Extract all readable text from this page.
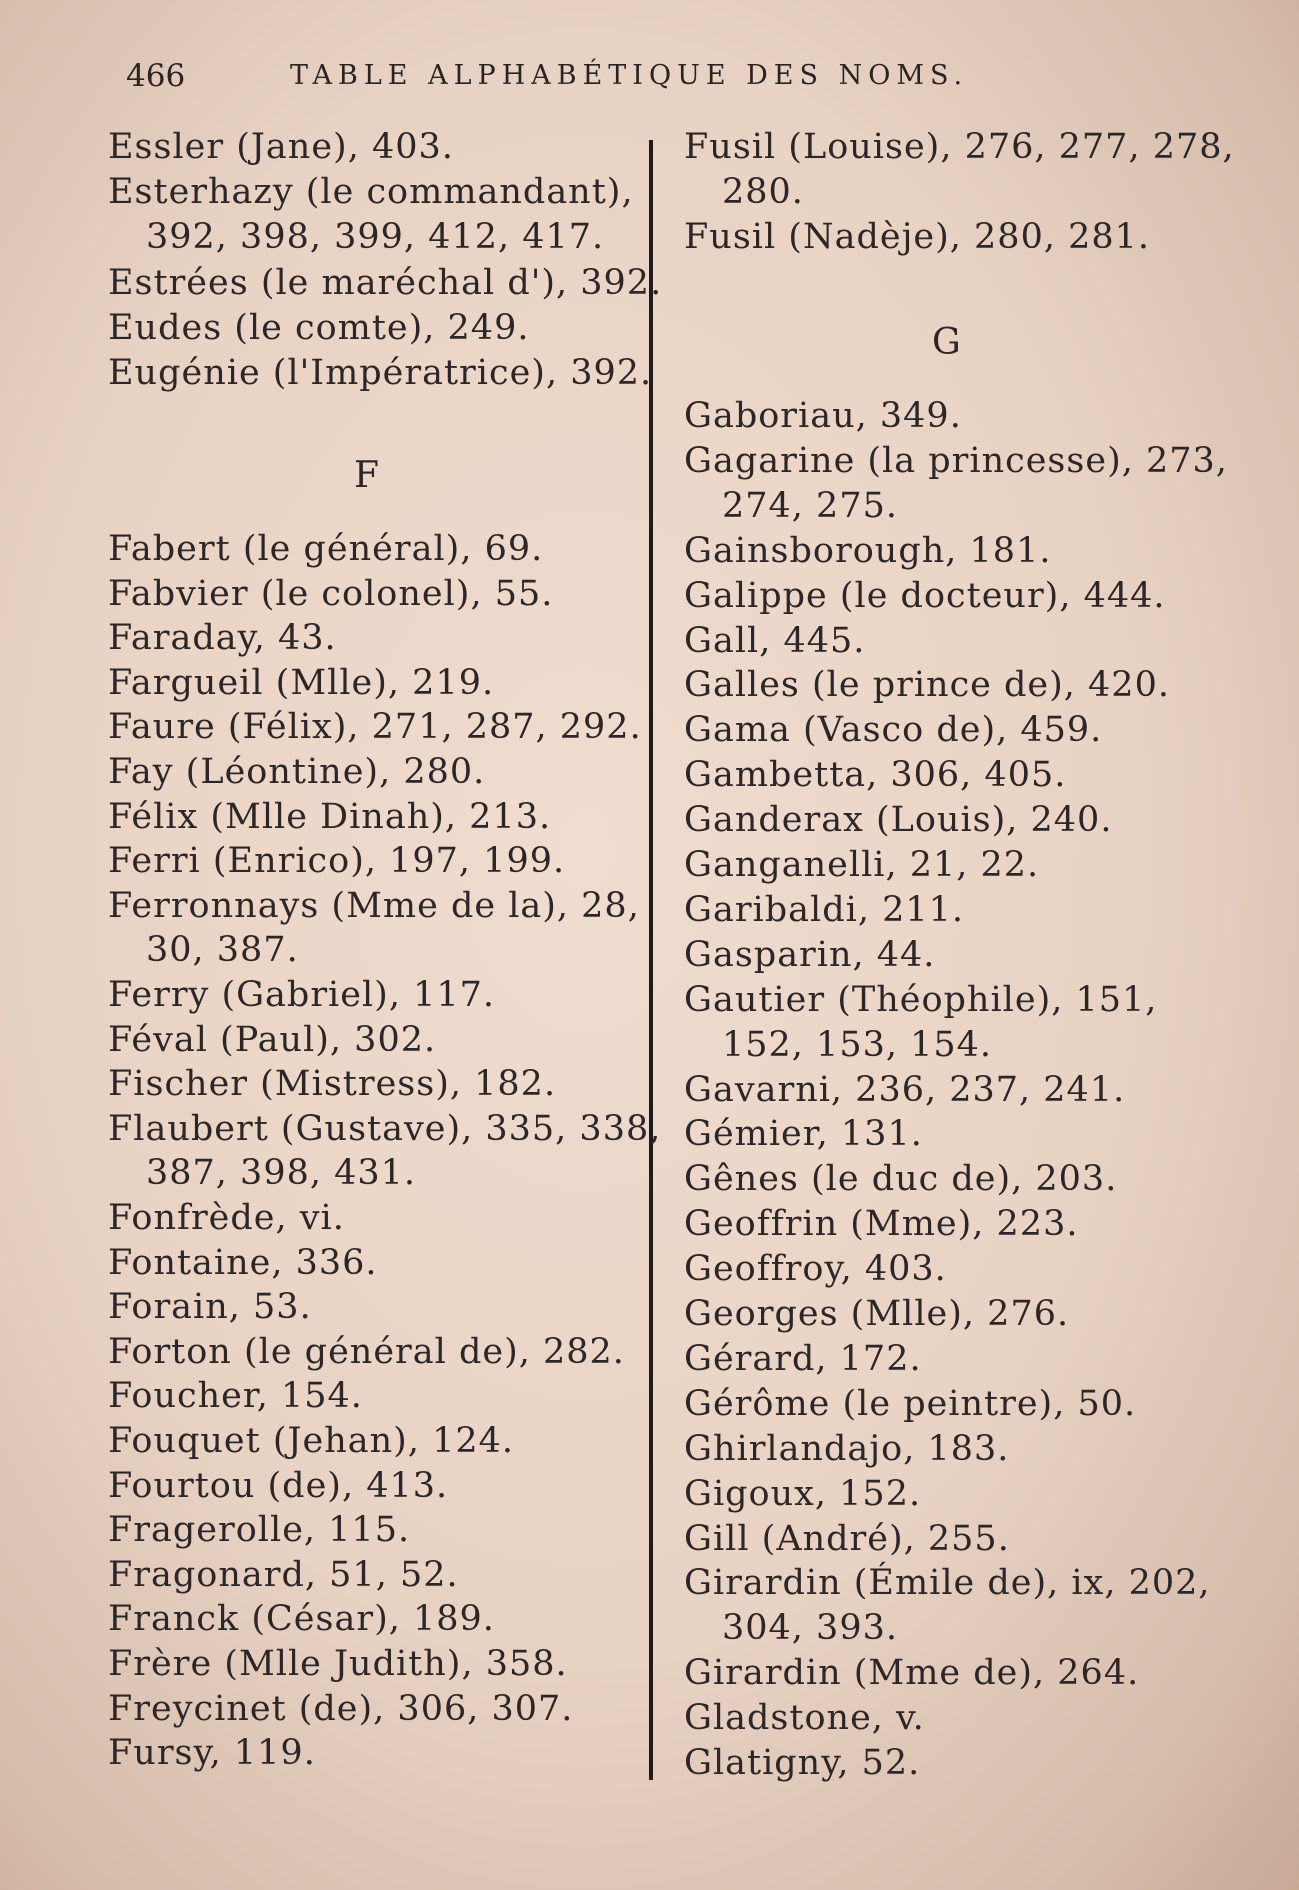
466	TABLE ALPHABÉTIQUE DES NOMS.
Essler (Jane), 403.
Esterhazy (le commandant),
392, 398, 399, 412, 417.
Estrées (le maréchal d'), 392.
Eudes (le comte), 249.
Eugénie (l'Impératrice), 392.
F
Fabert (le général), 69.
Fabvier (le colonel), 55.
Faraday, 43.
Fargueil (Mlle), 219.
Faure (Félix), 271, 287, 292.
Fay (Léontine), 280.
Félix (Mlle Dinah), 213.
Ferri (Enrico), 197, 199.
Ferronnays (Mme de la), 28,
30, 387.
Ferry (Gabriel), 117.
Féval (Paul), 302.
Fischer (Mistress), 182.
Flaubert (Gustave), 335, 338,
387, 398, 431.
Fonfrède, vi.
Fontaine, 336.
Forain, 53.
Forton (le général de), 282.
Foucher, 154.
Fouquet (Jehan), 124.
Fourtou (de), 413.
Fragerolle, 115.
Fragonard, 51, 52.
Franck (César), 189.
Frère (Mlle Judith), 358.
Freycinet (de), 306, 307.
Fursy, 119.
Fusil (Louise), 276, 277, 278,
280.
Fusil (Nadèje), 280, 281.
G
Gaboriau, 349.
Gagarine (la princesse), 273,
274, 275.
Gainsborough, 181.
Galippe (le docteur), 444.
Gall, 445.
Galles (le prince de), 420.
Gama (Vasco de), 459.
Gambetta, 306, 405.
Ganderax (Louis), 240.
Ganganelli, 21, 22.
Garibaldi, 211.
Gasparin, 44.
Gautier (Théophile), 151,
152, 153, 154.
Gavarni, 236, 237, 241.
Gémier, 131.
Gênes (le duc de), 203.
Geoffrin (Mme), 223.
Geoffroy, 403.
Georges (Mlle), 276.
Gérard, 172.
Gérôme (le peintre), 50.
Ghirlandajo, 183.
Gigoux, 152.
Gill (André), 255.
Girardin (Émile de), ix, 202,
304, 393.
Girardin (Mme de), 264.
Gladstone, v.
Glatigny, 52.
